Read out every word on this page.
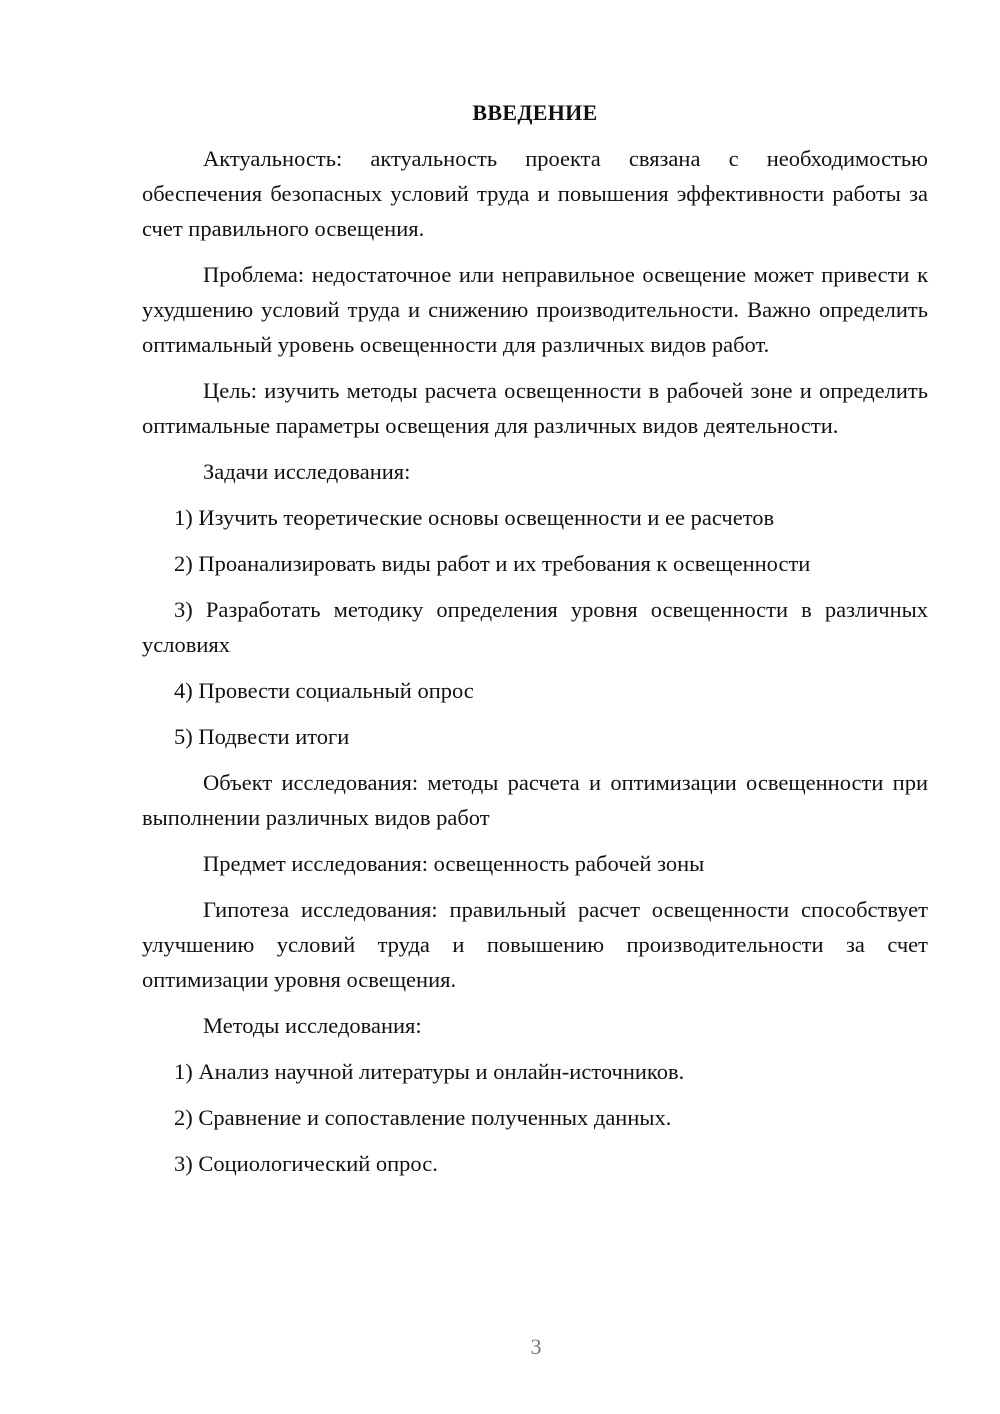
ВВЕДЕНИЕ
Актуальность: актуальность проекта связана с необходимостью обеспечения безопасных условий труда и повышения эффективности работы за счет правильного освещения.
Проблема: недостаточное или неправильное освещение может привести к ухудшению условий труда и снижению производительности. Важно определить оптимальный уровень освещенности для различных видов работ.
Цель: изучить методы расчета освещенности в рабочей зоне и определить оптимальные параметры освещения для различных видов деятельности.
Задачи исследования:
1) Изучить теоретические основы освещенности и ее расчетов
2) Проанализировать виды работ и их требования к освещенности
3) Разработать методику определения уровня освещенности в различных условиях
4) Провести социальный опрос
5) Подвести итоги
Объект исследования: методы расчета и оптимизации освещенности при выполнении различных видов работ
Предмет исследования: освещенность рабочей зоны
Гипотеза исследования: правильный расчет освещенности способствует улучшению условий труда и повышению производительности за счет оптимизации уровня освещения.
Методы исследования:
1) Анализ научной литературы и онлайн-источников.
2) Сравнение и сопоставление полученных данных.
3) Социологический опрос.
3
